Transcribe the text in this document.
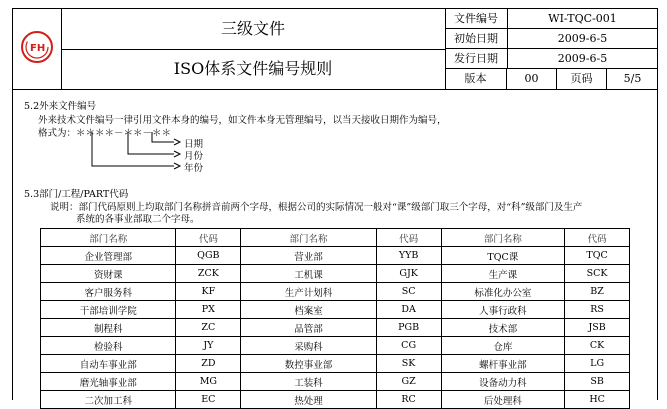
FH
三级文件
ISO体系文件编号规则
文件编号	WI-TQC-001
初始日期	2009-6-5
发行日期	2009-6-5
版本	00	页码	5/5
5.2外来文件编号
外来技术文件编号一律引用文件本身的编号，如文件本身无管理编号，以当天接收日期作为编号，
格式为：＊＊＊＊－＊＊－＊＊
日期
月份
年份
5.3部门/工程/PART代码
说明：部门代码原则上均取部门名称拼音前两个字母，根据公司的实际情况一般对“课”级部门取三个字母，对“科”级部门及生产
系统的各事业部取二个字母。
部门名称	代码	部门名称	代码	部门名称	代码
企业管理部	QGB	营业部	YYB	TQC课	TQC
资财课	ZCK	工机课	GJK	生产课	SCK
客户服务科	KF	生产计划科	SC	标准化办公室	BZ
干部培训学院	PX	档案室	DA	人事行政科	RS
制程科	ZC	品管部	PGB	技术部	JSB
检验科	JY	采购科	CG	仓库	CK
自动车事业部	ZD	数控事业部	SK	螺杆事业部	LG
磨光轴事业部	MG	工装科	GZ	设备动力科	SB
二次加工科	EC	热处理	RC	后处理科	HC
